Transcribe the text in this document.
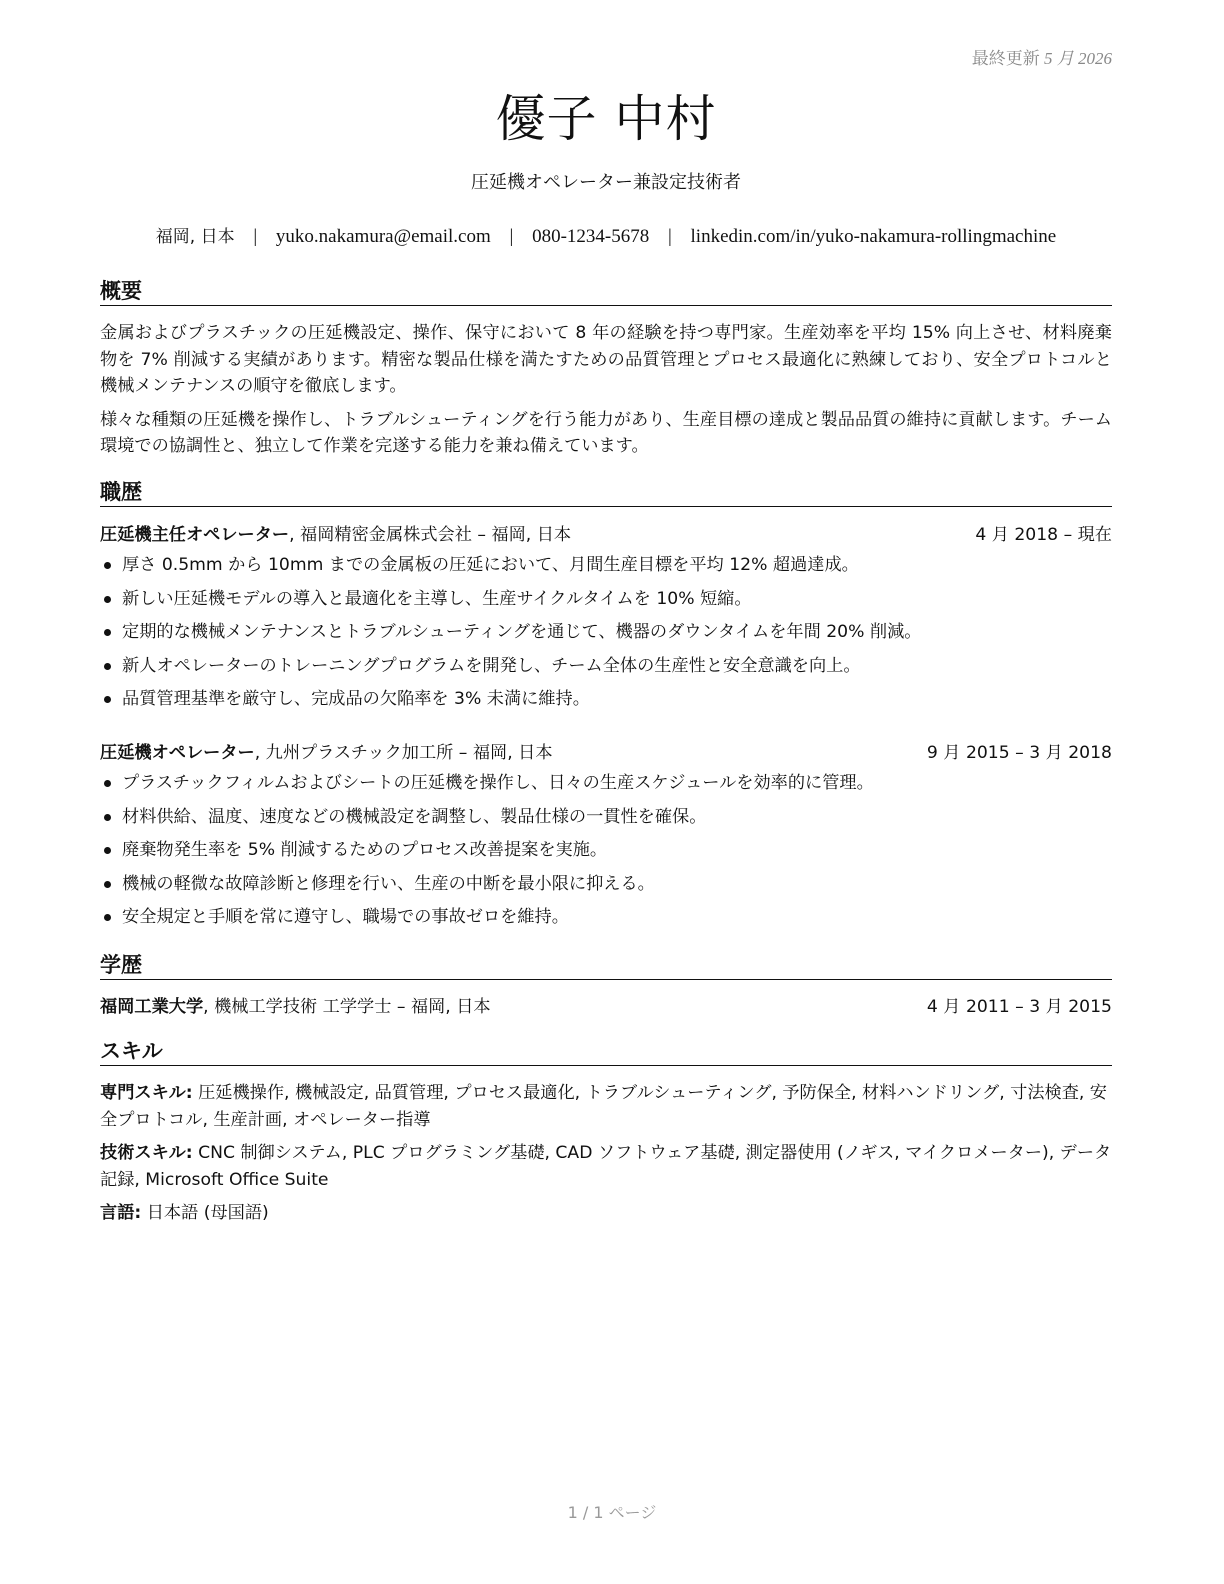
最終更新 5 月 2026
優子 中村
圧延機オペレーター兼設定技術者
福岡, 日本 | yuko.nakamura@email.com | 080-1234-5678 | linkedin.com/in/yuko-nakamura-rollingmachine
概要

金属およびプラスチックの圧延機設定、操作、保守において 8 年の経験を持つ専門家。生産効率を平均 15% 向上させ、材料廃棄物を 7% 削減する実績があります。精密な製品仕様を満たすための品質管理とプロセス最適化に熟練しており、安全プロトコルと機械メンテナンスの順守を徹底します。

様々な種類の圧延機を操作し、トラブルシューティングを行う能力があり、生産目標の達成と製品品質の維持に貢献します。チーム環境での協調性と、独立して作業を完遂する能力を兼ね備えています。

職歴
圧延機主任オペレーター, 福岡精密金属株式会社 – 福岡, 日本	4 月 2018 – 現在
厚さ 0.5mm から 10mm までの金属板の圧延において、月間生産目標を平均 12% 超過達成。
新しい圧延機モデルの導入と最適化を主導し、生産サイクルタイムを 10% 短縮。
定期的な機械メンテナンスとトラブルシューティングを通じて、機器のダウンタイムを年間 20% 削減。
新人オペレーターのトレーニングプログラムを開発し、チーム全体の生産性と安全意識を向上。
品質管理基準を厳守し、完成品の欠陥率を 3% 未満に維持。
圧延機オペレーター, 九州プラスチック加工所 – 福岡, 日本	9 月 2015 – 3 月 2018
プラスチックフィルムおよびシートの圧延機を操作し、日々の生産スケジュールを効率的に管理。
材料供給、温度、速度などの機械設定を調整し、製品仕様の一貫性を確保。
廃棄物発生率を 5% 削減するためのプロセス改善提案を実施。
機械の軽微な故障診断と修理を行い、生産の中断を最小限に抑える。
安全規定と手順を常に遵守し、職場での事故ゼロを維持。
学歴
福岡工業大学, 機械工学技術 工学学士 – 福岡, 日本	4 月 2011 – 3 月 2015
スキル

専門スキル: 圧延機操作, 機械設定, 品質管理, プロセス最適化, トラブルシューティング, 予防保全, 材料ハンドリング, 寸法検査, 安全プロトコル, 生産計画, オペレーター指導

技術スキル: CNC 制御システム, PLC プログラミング基礎, CAD ソフトウェア基礎, 測定器使用 (ノギス, マイクロメーター), データ記録, Microsoft Office Suite

言語: 日本語 (母国語)

1 / 1 ページ
